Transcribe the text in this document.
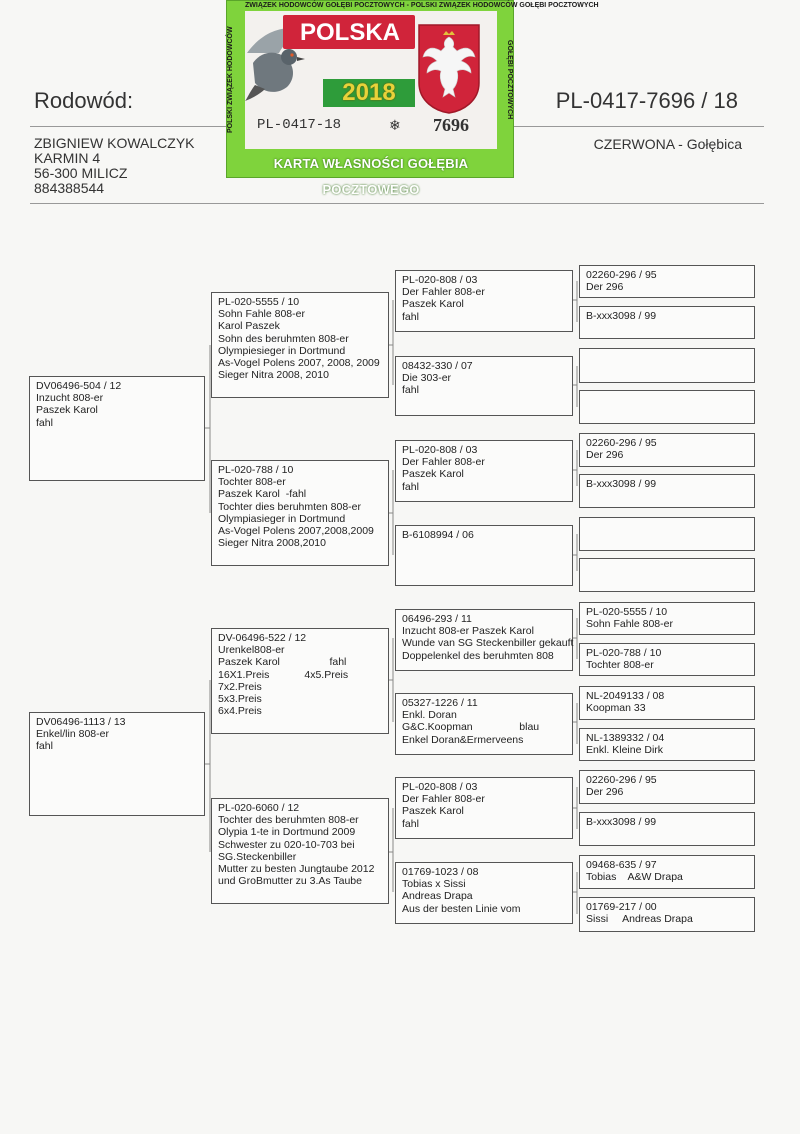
Rodowód:	PL-0417-7696 / 18
ZBIGNIEW KOWALCZYK
KARMIN 4
56-300 MILICZ
884388544
CZERWONA - Gołębica
DV06496-504 / 12
Inzucht 808-er
Paszek Karol
fahl
DV06496-1113 / 13
Enkel/lin 808-er
fahl
PL-020-5555 / 10
Sohn Fahle 808-er
Karol Paszek
Sohn des beruhmten 808-er
Olympiesieger in Dortmund
As-Vogel Polens 2007, 2008, 2009
Sieger Nitra 2008, 2010
PL-020-788 / 10
Tochter 808-er
Paszek Karol  -fahl
Tochter dies beruhmten 808-er
Olympiasieger in Dortmund
As-Vogel Polens 2007,2008,2009
Sieger Nitra 2008,2010
DV-06496-522 / 12
Urenkel808-er
Paszek Karol                 fahl
16X1.Preis            4x5.Preis
7x2.Preis
5x3.Preis
6x4.Preis
PL-020-6060 / 12
Tochter des beruhmten 808-er
Olypia 1-te in Dortmund 2009
Schwester zu 020-10-703 bei
SG.Steckenbiller
Mutter zu besten Jungtaube 2012
und GroBmutter zu 3.As Taube
PL-020-808 / 03
Der Fahler 808-er
Paszek Karol
fahl
08432-330 / 07
Die 303-er
fahl
PL-020-808 / 03
Der Fahler 808-er
Paszek Karol
fahl
B-6108994 / 06
06496-293 / 11
Inzucht 808-er Paszek Karol
Wunde van SG Steckenbiller gekauft
Doppelenkel des beruhmten 808
05327-1226 / 11
Enkl. Doran
G&C.Koopman                blau
Enkel Doran&Ermerveens
PL-020-808 / 03
Der Fahler 808-er
Paszek Karol
fahl
01769-1023 / 08
Tobias x Sissi
Andreas Drapa
Aus der besten Linie vom
02260-296 / 95
Der 296
B-xxx3098 / 99
02260-296 / 95
Der 296
B-xxx3098 / 99
PL-020-5555 / 10
Sohn Fahle 808-er
PL-020-788 / 10
Tochter 808-er
NL-2049133 / 08
Koopman 33
NL-1389332 / 04
Enkl. Kleine Dirk
02260-296 / 95
Der 296
B-xxx3098 / 99
09468-635 / 97
Tobias    A&W Drapa
01769-217 / 00
Sissi     Andreas Drapa
ZWIĄZEK HODOWCÓW GOŁĘBI POCZTOWYCH - POLSKI ZWIĄZEK HODOWCÓW GOŁĘBI POCZTOWYCH
POLSKI ZWIĄZEK HODOWCÓW	GOŁĘBI POCZTOWYCH
POLSKA
2018
PL-0417-18	❄ 7696
KARTA WŁASNOŚCI GOŁĘBIA POCZTOWEGO
